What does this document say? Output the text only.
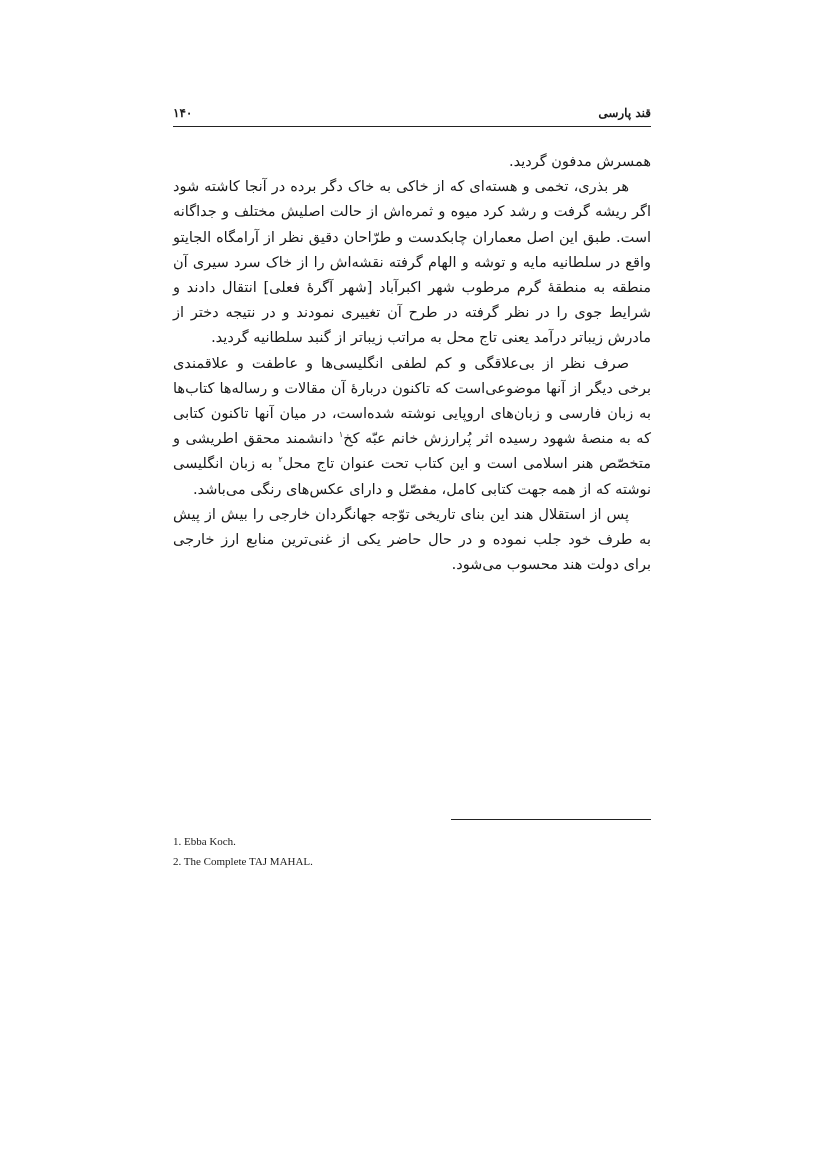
قند پارسی
۱۴۰

همسرش مدفون گردید.

هر بذری، تخمی و هسته‌ای که از خاکی به خاک دگر برده در آنجا کاشته شود اگر ریشه گرفت و رشد کرد میوه و ثمره‌اش از حالت اصلیش مختلف و جداگانه است. طبق این اصل معماران چابکدست و طرّاحان دقیق نظر از آرامگاه الجایتو واقع در سلطانیه مایه و توشه و الهام گرفته نقشه‌اش را از خاک سرد سیری آن منطقه به منطقهٔ گرم مرطوب شهر اکبرآباد [شهر آگرهٔ فعلی] انتقال دادند و شرایط جوی را در نظر گرفته در طرح آن تغییری نمودند و در نتیجه دختر از مادرش زیباتر درآمد یعنی تاج محل به مراتب زیباتر از گنبد سلطانیه گردید.

صرف نظر از بی‌علاقگی و کم لطفی انگلیسی‌ها و عاطفت و علاقمندی برخی دیگر از آنها موضوعی‌است که تاکنون دربارهٔ آن مقالات و رساله‌ها کتاب‌ها به زبان فارسی و زبان‌های اروپایی نوشته شده‌است، در میان آنها تاکنون کتابی که به منصهٔ شهود رسیده اثر پُرارزش خانم عبّه کخ$^۱$ دانشمند محقق اطریشی و متخصّص هنر اسلامی است و این کتاب تحت عنوان تاج محل$^۲$ به زبان انگلیسی نوشته که از همه جهت کتابی کامل، مفصّل و دارای عکس‌های رنگی می‌باشد.

پس از استقلال هند این بنای تاریخی توّجه جهانگردان خارجی را بیش از پیش به طرف خود جلب نموده و در حال حاضر یکی از غنی‌ترین منابع ارز خارجی برای دولت هند محسوب می‌شود.

1. Ebba Koch.

2. The Complete TAJ MAHAL.
